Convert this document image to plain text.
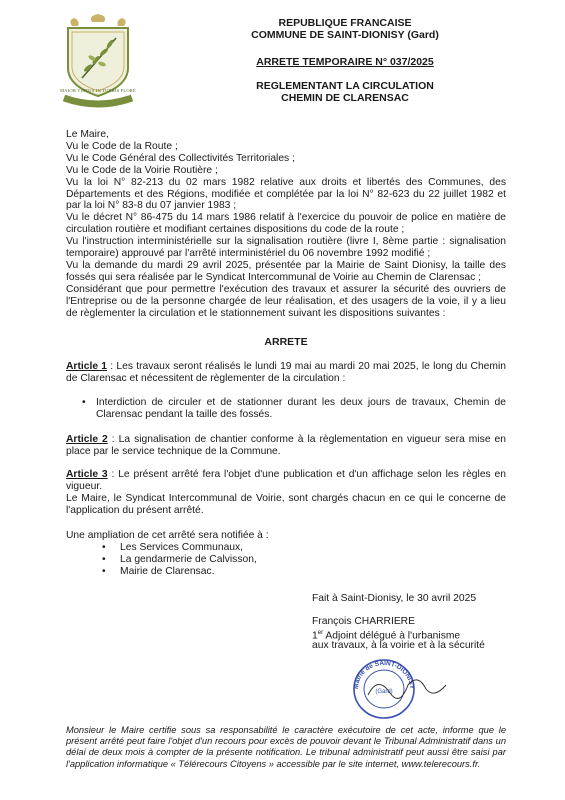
MAIOR VIRTUS IN TURRIS FLORE
REPUBLIQUE FRANCAISE
COMMUNE DE SAINT-DIONISY (Gard)
ARRETE TEMPORAIRE N° 037/2025
REGLEMENTANT LA CIRCULATION
CHEMIN DE CLARENSAC

Le Maire,

Vu le Code de la Route ;

Vu le Code Général des Collectivités Territoriales ;

Vu le Code de la Voirie Routière ;

Vu la loi N° 82-213 du 02 mars 1982 relative aux droits et libertés des Communes, des Départements et des Régions, modifiée et complétée par la loi N° 82-623 du 22 juillet 1982 et par la loi N° 83-8 du 07 janvier 1983 ;

Vu le décret N° 86-475 du 14 mars 1986 relatif à l'exercice du pouvoir de police en matière de circulation routière et modifiant certaines dispositions du code de la route ;

Vu l'instruction interministérielle sur la signalisation routière (livre I, 8ème partie : signalisation temporaire) approuvé par l'arrêté interministériel du 06 novembre 1992 modifié ;

Vu la demande du mardi 29 avril 2025, présentée par la Mairie de Saint Dionisy, la taille des fossés qui sera réalisée par le Syndicat Intercommunal de Voirie au Chemin de Clarensac ;

Considérant que pour permettre l'exécution des travaux et assurer la sécurité des ouvriers de l'Entreprise ou de la personne chargée de leur réalisation, et des usagers de la voie, il y a lieu de règlementer la circulation et le stationnement suivant les dispositions suivantes :

ARRETE

Article 1 : Les travaux seront réalisés le lundi 19 mai au mardi 20 mai 2025, le long du Chemin de Clarensac et nécessitent de règlementer de la circulation :

• Interdiction de circuler et de stationner durant les deux jours de travaux, Chemin de Clarensac pendant la taille des fossés.

Article 2 : La signalisation de chantier conforme à la règlementation en vigueur sera mise en place par le service technique de la Commune.

Article 3 : Le présent arrêté fera l'objet d'une publication et d'un affichage selon les règles en vigueur.

Le Maire, le Syndicat Intercommunal de Voirie, sont chargés chacun en ce qui le concerne de l'application du présent arrêté.

Une ampliation de cet arrêté sera notifiée à :

• Les Services Communaux,
• La gendarmerie de Calvisson,
• Mairie de Clarensac.
Fait à Saint-Dionisy, le 30 avril 2025
François CHARRIERE
1er Adjoint délégué à l'urbanisme
aux travaux, à la voirie et à la sécurité
Mairie de SAINT-DIONISY
(Gard)
Monsieur le Maire certifie sous sa responsabilité le caractère exécutoire de cet acte, informe que le présent arrêté peut faire l'objet d'un recours pour excès de pouvoir devant le Tribunal Administratif dans un délai de deux mois à compter de la présente notification. Le tribunal administratif peut aussi être saisi par l'application informatique « Télérecours Citoyens » accessible par le site internet, www.telerecours.fr.
